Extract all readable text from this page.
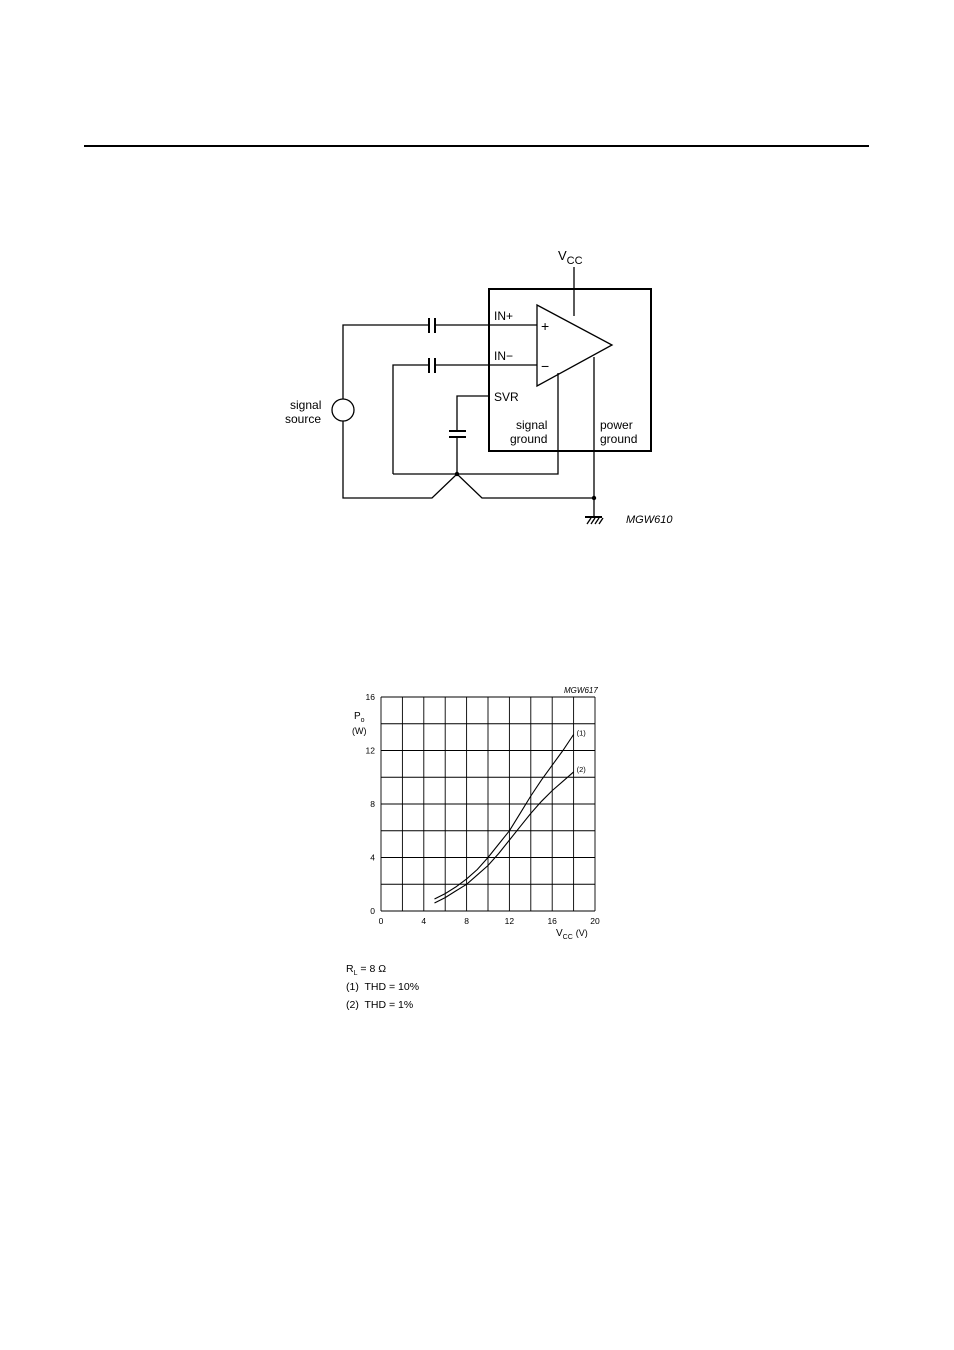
+
−
$V_{CC}$
IN+
IN−
SVR
signal
ground
power
ground
signal
source
MGW610
0	4	8	12	16	20
0
4
8
12
16
(1)
(2)
MGW617
$P_o$
(W)
$V_{CC}$ (V)
$R_L = 8$ Ω
(1)  THD = 10%
(2)  THD = 1%
